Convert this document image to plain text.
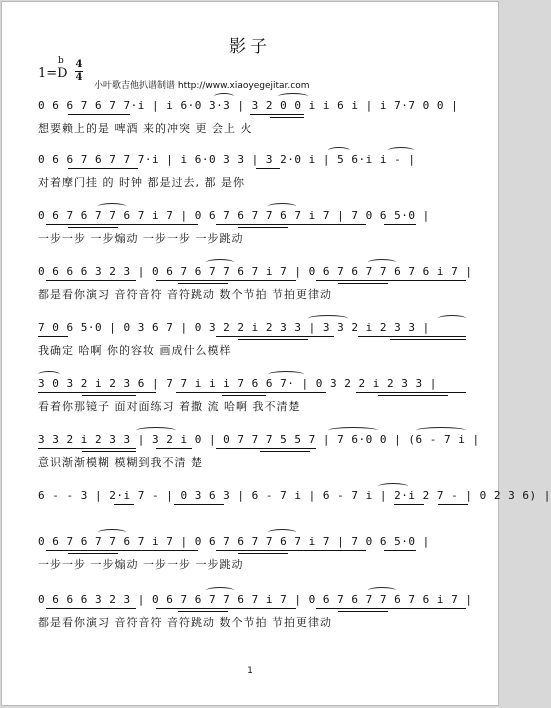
影子
1=D
b 4
4
小叶歌吉他扒谱制谱 http://www.xiaoyegejitar.com
0 6 6 7 6 7 7·i | i 6·0 3·3 | 3 2 0 0 i i 6 i | i 7·7 0 0 |
想要赖上的是 啤酒 来的冲突 更 会上 火
0 6 6 7 6 7 7 7·i | i 6·0 3 3 | 3 2·0 i | 5 6·i i - |
对着摩门挂 的 时钟 都是过去, 都 是你
0 6 7 6 7 7 6 7 i 7 | 0 6 7 6 7 7 6 7 i 7 | 7 0 6 5·0 |
一步一步 一步煽动 一步一步 一步跳动
0 6 6 6 3 2 3 | 0 6 7 6 7 7 6 7 i 7 | 0 6 7 6 7 7 6 7 6 i 7 |
都是看你演习 音符音符 音符跳动 数个节拍 节拍更律动
7 0 6 5·0 | 0 3 6 7 | 0 3 2 2 i 2 3 3 | 3 3 2 i 2 3 3 |
我确定 哈啊 你的容妆 画成什么模样
3 0 3 2 i 2 3 6 | 7 7 i i i 7 6 6 7· | 0 3 2 2 i 2 3 3 |
看着你那镜子 面对面练习 着撒 流 哈啊 我不清楚
3 3 2 i 2 3 3 | 3 2 i 0 | 0 7 7 7 5 5 7 | 7 6·0 0 | (6 - 7 i |
意识渐渐模糊 模糊到我不清 楚
6 - - 3 | 2·i 7 - | 0 3 6 3 | 6 - 7 i | 6 - 7 i | 2·i 2 7 - | 0 2 3 6) |
0 6 7 6 7 7 6 7 i 7 | 0 6 7 6 7 7 6 7 i 7 | 7 0 6 5·0 |
一步一步 一步煽动 一步一步 一步跳动
0 6 6 6 3 2 3 | 0 6 7 6 7 7 6 7 i 7 | 0 6 7 6 7 7 6 7 6 i 7 |
都是看你演习 音符音符 音符跳动 数个节拍 节拍更律动
1
